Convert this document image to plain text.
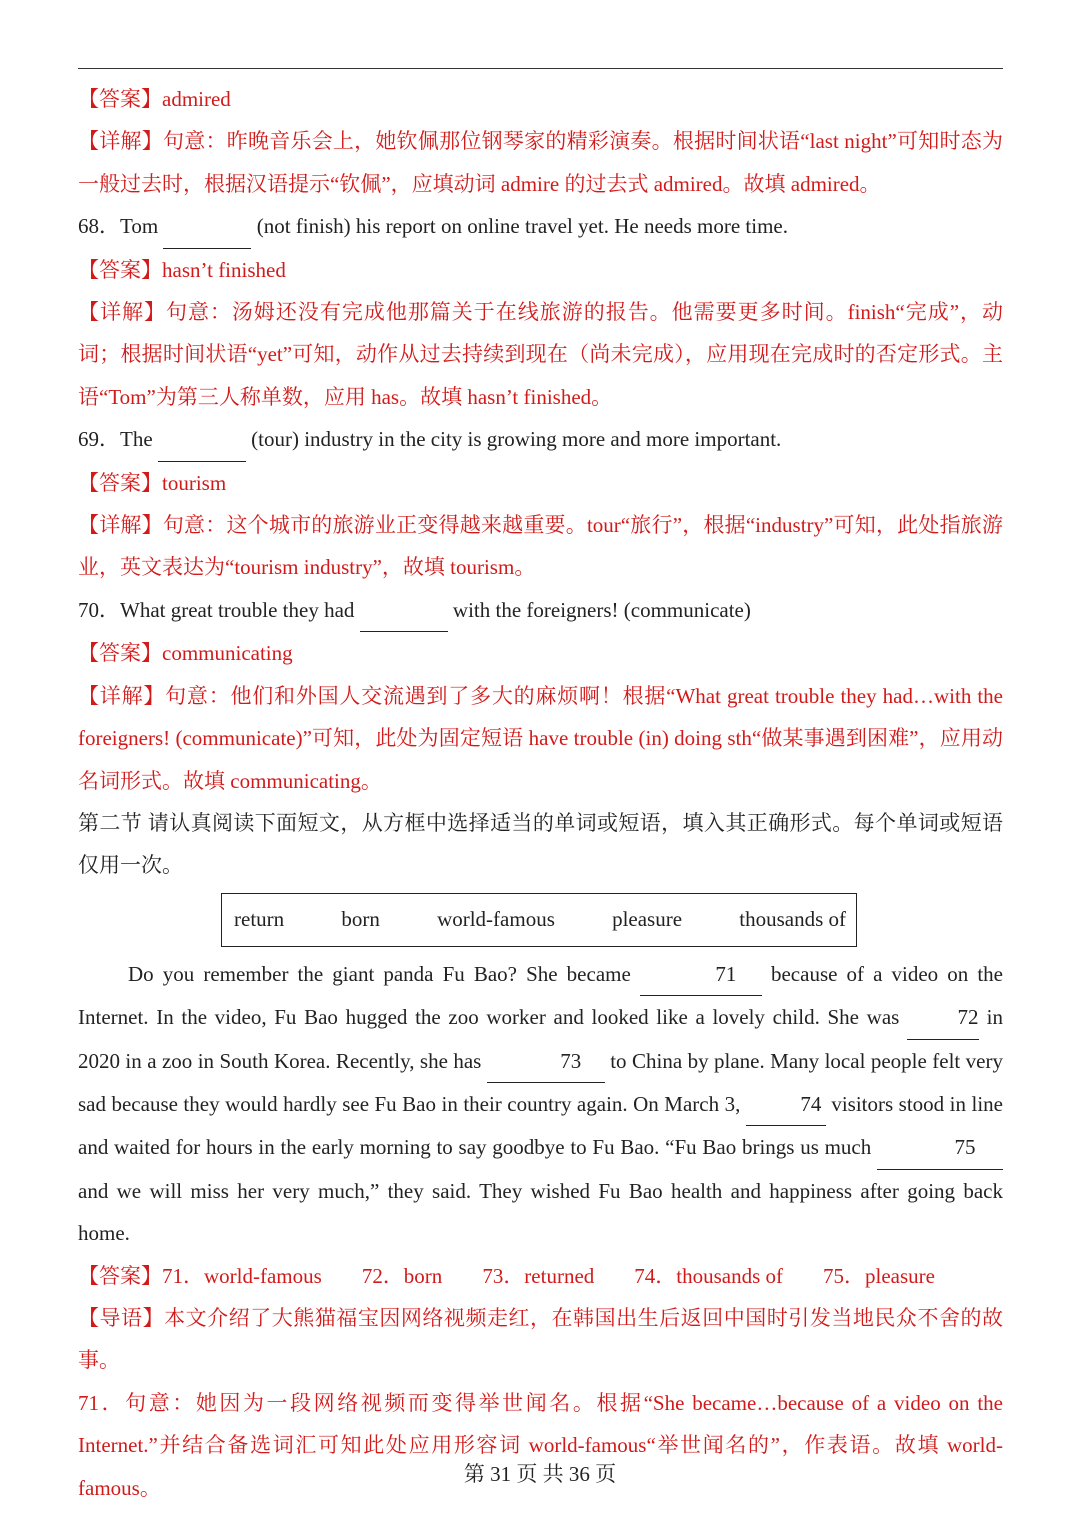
【答案】admired
【详解】句意：昨晚音乐会上，她钦佩那位钢琴家的精彩演奏。根据时间状语“last night”可知时态为一般过去时，根据汉语提示“钦佩”，应填动词 admire 的过去式 admired。故填 admired。
68．Tom	(not finish) his report on online travel yet. He needs more time.
【答案】hasn’t finished
【详解】句意：汤姆还没有完成他那篇关于在线旅游的报告。他需要更多时间。finish“完成”，动词；根据时间状语“yet”可知，动作从过去持续到现在（尚未完成），应用现在完成时的否定形式。主语“Tom”为第三人称单数，应用 has。故填 hasn’t finished。
69．The	(tour) industry in the city is growing more and more important.
【答案】tourism
【详解】句意：这个城市的旅游业正变得越来越重要。tour“旅行”，根据“industry”可知，此处指旅游业，英文表达为“tourism industry”，故填 tourism。
70．What great trouble they had	with the foreigners! (communicate)
【答案】communicating
【详解】句意：他们和外国人交流遇到了多大的麻烦啊！根据“What great trouble they had…with the foreigners! (communicate)”可知，此处为固定短语 have trouble (in) doing sth“做某事遇到困难”，应用动名词形式。故填 communicating。
第二节 请认真阅读下面短文，从方框中选择适当的单词或短语，填入其正确形式。每个单词或短语仅用一次。
return	born	world-famous	pleasure	thousands of
Do you remember the giant panda Fu Bao? She became	71 because of a video on the Internet. In the video, Fu Bao hugged the zoo worker and looked like a lovely child. She was 72 in 2020 in a zoo in South Korea. Recently, she has	73 to China by plane. Many local people felt very sad because they would hardly see Fu Bao in their country again. On March 3,	74 visitors stood in line and waited for hours in the early morning to say goodbye to Fu Bao. “Fu Bao brings us much	75 and we will miss her very much,” they said. They wished Fu Bao health and happiness after going back home.
【答案】71．world-famous 72．born 73．returned 74．thousands of 75．pleasure
【导语】本文介绍了大熊猫福宝因网络视频走红，在韩国出生后返回中国时引发当地民众不舍的故事。
71．句意：她因为一段网络视频而变得举世闻名。根据“She became…because of a video on the Internet.”并结合备选词汇可知此处应用形容词 world-famous“举世闻名的”，作表语。故填 world-famous。
第 31 页 共 36 页
